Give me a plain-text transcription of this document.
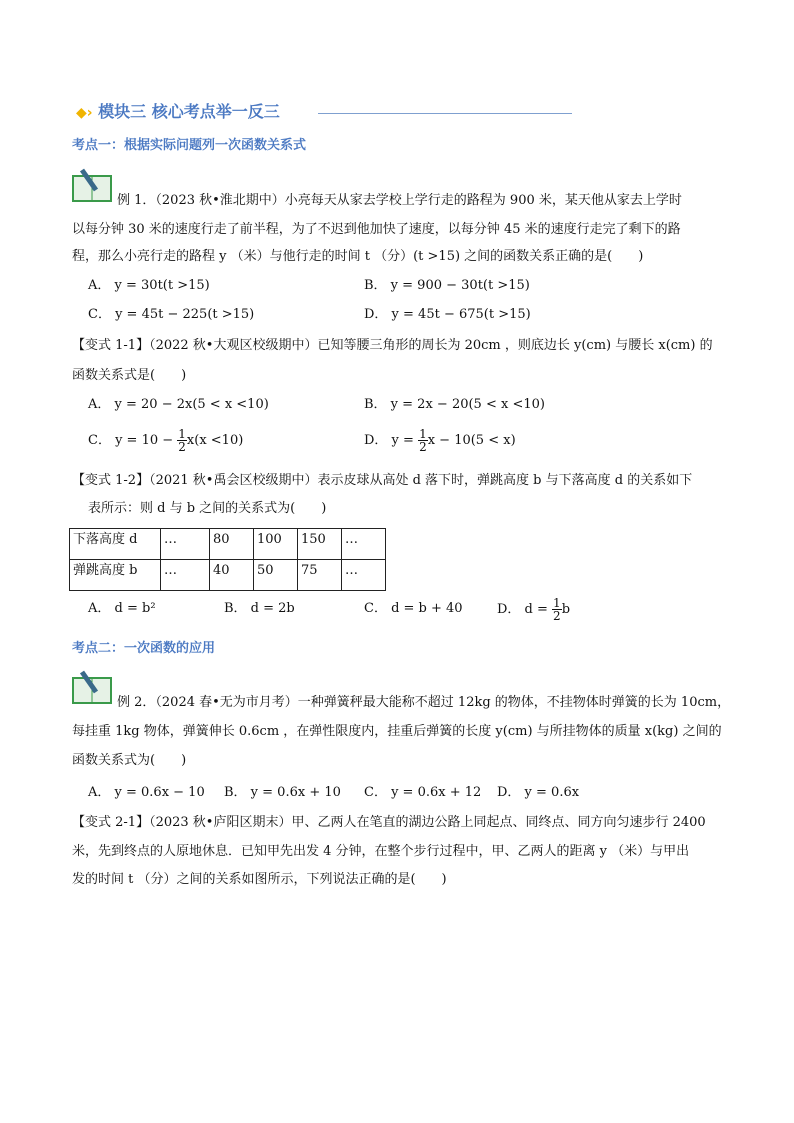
◆› 模块三 核心考点举一反三
考点一：根据实际问题列一次函数关系式
例 1．（2023 秋•淮北期中）小亮每天从家去学校上学行走的路程为 900 米，某天他从家去上学时
以每分钟 30 米的速度行走了前半程，为了不迟到他加快了速度，以每分钟 45 米的速度行走完了剩下的路
程，那么小亮行走的路程 y （米）与他行走的时间 t （分）(t >15) 之间的函数关系正确的是(　　)
A． y = 30t(t >15)	B． y = 900 − 30t(t >15)
C． y = 45t − 225(t >15)	D． y = 45t − 675(t >15)
【变式 1-1】（2022 秋•大观区校级期中）已知等腰三角形的周长为 20cm ，则底边长 y(cm) 与腰长 x(cm) 的
函数关系式是(　　)
A． y = 20 − 2x(5 < x <10)	B． y = 2x − 20(5 < x <10)
C． $y = 10 - \frac{1}{2} x(x <10)$	D． $y = \frac{1}{2}$ x − 10(5 < x)
【变式 1-2】（2021 秋•禹会区校级期中）表示皮球从高处 d 落下时，弹跳高度 b 与下落高度 d 的关系如下
表所示：则 d 与 b 之间的关系式为(　　)
下落高度 d	…	80	100	150	…
弹跳高度 b	…	40	50	75	…
A． d = b²	B． d = 2b	C． d = b + 40	D． $d = \frac{1}{2}$ b
考点二：一次函数的应用
例 2．（2024 春•无为市月考）一种弹簧秤最大能称不超过 12kg 的物体，不挂物体时弹簧的长为 10cm，
每挂重 1kg 物体，弹簧伸长 0.6cm ，在弹性限度内，挂重后弹簧的长度 y(cm) 与所挂物体的质量 x(kg) 之间的
函数关系式为(　　)
A． y = 0.6x − 10 B． y = 0.6x + 10 C． y = 0.6x + 12 D． y = 0.6x
【变式 2-1】（2023 秋•庐阳区期末）甲、乙两人在笔直的湖边公路上同起点、同终点、同方向匀速步行 2400
米，先到终点的人原地休息．已知甲先出发 4 分钟，在整个步行过程中，甲、乙两人的距离 y （米）与甲出
发的时间 t （分）之间的关系如图所示，下列说法正确的是(　　)
